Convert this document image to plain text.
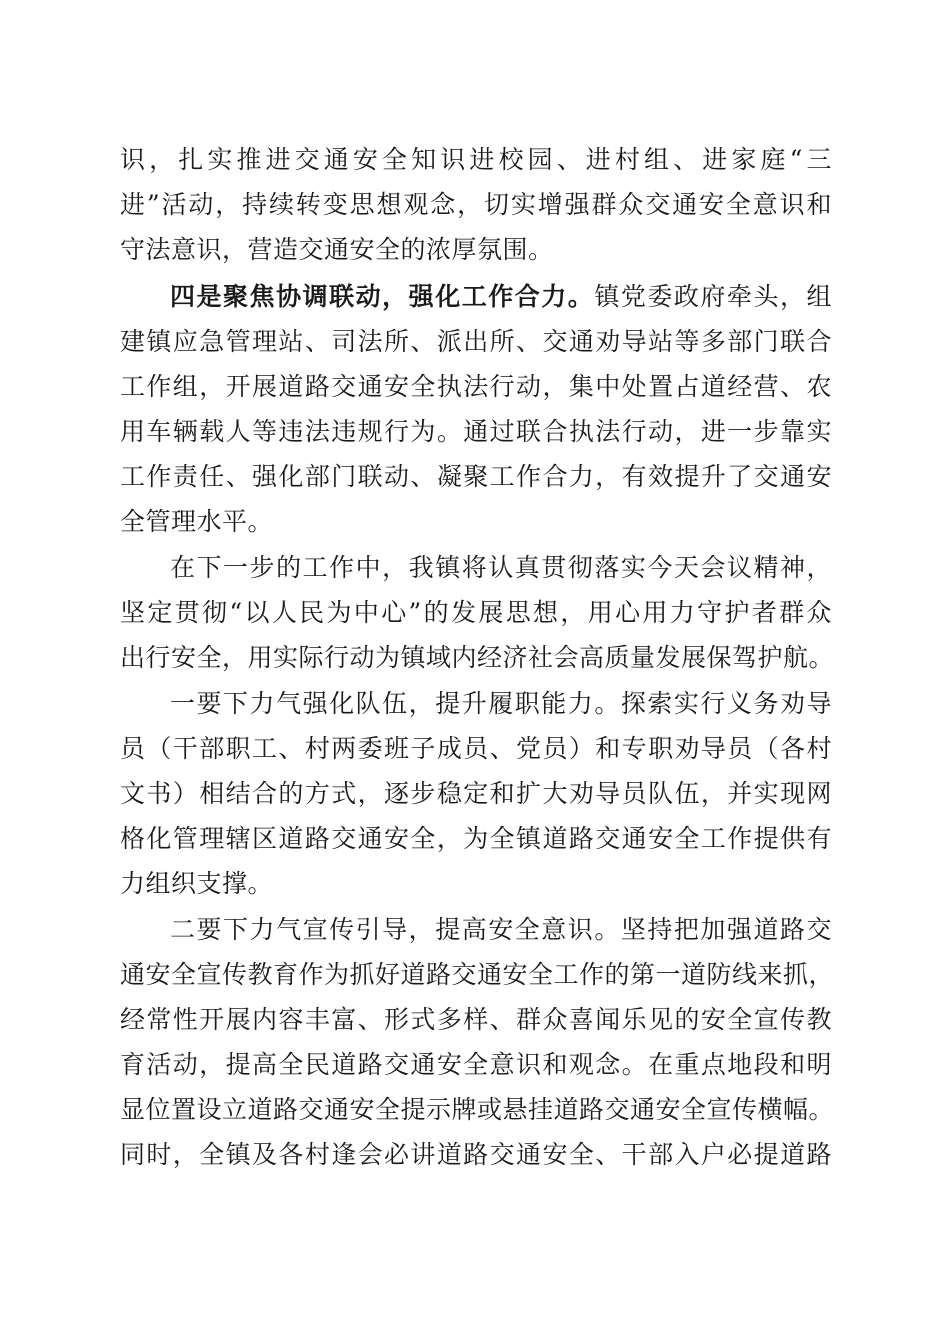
识，扎实推进交通安全知识进校园、进村组、进家庭“三
进”活动，持续转变思想观念，切实增强群众交通安全意识和
守法意识，营造交通安全的浓厚氛围。
四是聚焦协调联动，强化工作合力。镇党委政府牵头，组
建镇应急管理站、司法所、派出所、交通劝导站等多部门联合
工作组，开展道路交通安全执法行动，集中处置占道经营、农
用车辆载人等违法违规行为。通过联合执法行动，进一步靠实
工作责任、强化部门联动、凝聚工作合力，有效提升了交通安
全管理水平。
在下一步的工作中，我镇将认真贯彻落实今天会议精神，
坚定贯彻“以人民为中心”的发展思想，用心用力守护者群众
出行安全，用实际行动为镇域内经济社会高质量发展保驾护航。
一要下力气强化队伍，提升履职能力。探索实行义务劝导
员（干部职工、村两委班子成员、党员）和专职劝导员（各村
文书）相结合的方式，逐步稳定和扩大劝导员队伍，并实现网
格化管理辖区道路交通安全，为全镇道路交通安全工作提供有
力组织支撑。
二要下力气宣传引导，提高安全意识。坚持把加强道路交
通安全宣传教育作为抓好道路交通安全工作的第一道防线来抓，
经常性开展内容丰富、形式多样、群众喜闻乐见的安全宣传教
育活动，提高全民道路交通安全意识和观念。在重点地段和明
显位置设立道路交通安全提示牌或悬挂道路交通安全宣传横幅。
同时，全镇及各村逢会必讲道路交通安全、干部入户必提道路
